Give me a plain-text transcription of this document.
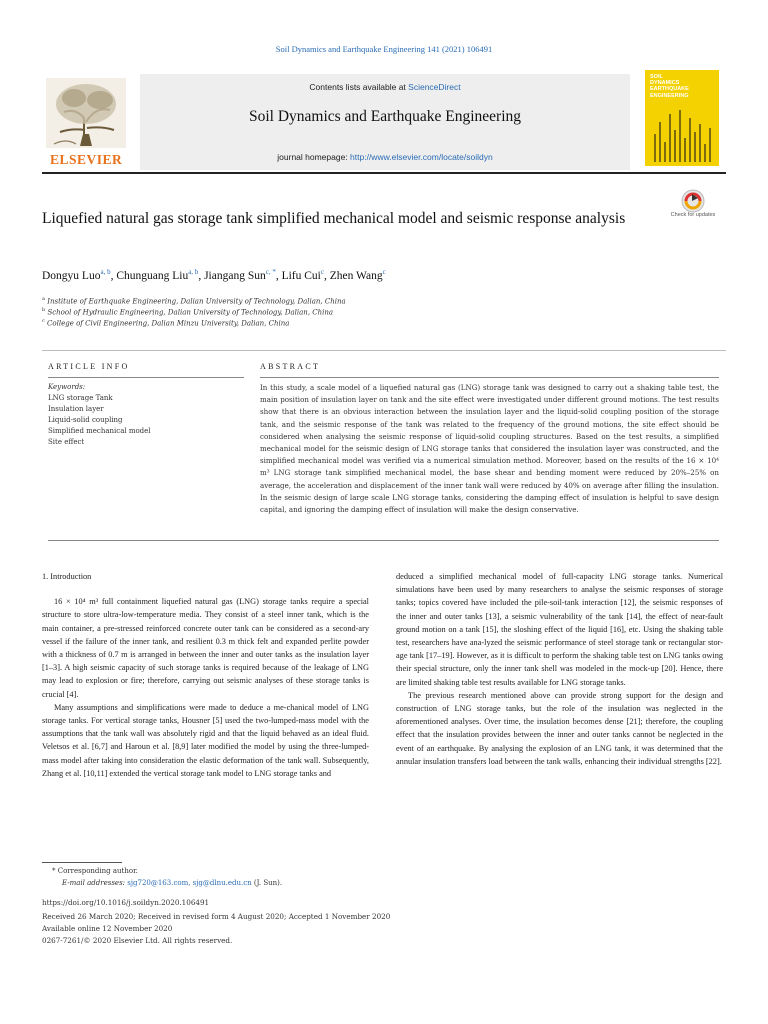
Soil Dynamics and Earthquake Engineering 141 (2021) 106491
ELSEVIER
Contents lists available at ScienceDirect
Soil Dynamics and Earthquake Engineering
journal homepage: http://www.elsevier.com/locate/soildyn
SOIL
DYNAMICS
EARTHQUAKE
ENGINEERING
Liquefied natural gas storage tank simplified mechanical model and seismic response analysis	Check for updates
Dongyu Luo$^{a, b}$, Chunguang Liu$^{a, b}$, Jiangang Sun$^{c, *}$, Lifu Cui$^c$, Zhen Wang$^c$
$^a$ Institute of Earthquake Engineering, Dalian University of Technology, Dalian, China
$^b$ School of Hydraulic Engineering, Dalian University of Technology, Dalian, China
$^c$ College of Civil Engineering, Dalian Minzu University, Dalian, China
ARTICLE INFO	ABSTRACT
Keywords:
LNG storage Tank
Insulation layer
Liquid-solid coupling
Simplified mechanical model
Site effect
In this study, a scale model of a liquefied natural gas (LNG) storage tank was designed to carry out a shaking table test, the main position of insulation layer on tank and the site effect were investigated under different ground motions. The test results show that there is an obvious interaction between the insulation layer and the liquid-solid coupling position of the storage tank, and the seismic response of the tank was related to the frequency of the ground motions, the site effect should be considered when analysing the seismic response of liquid-solid coupling structures. Based on the test results, a simplified mechanical model for the seismic design of LNG storage tanks that considered the insulation layer was constructed, and the simplified mechanical model was verified via a numerical simulation method. Moreover, based on the results of the 16 × 10⁴ m³ LNG storage tank simplified mechanical model, the base shear and bending moment were reduced by 20%–25% on average, the acceleration and displacement of the inner tank wall were reduced by 40% on average after filling the insulation. In the seismic design of large scale LNG storage tanks, considering the damping effect of insulation is helpful to save design capital, and ignoring the damping effect of insulation will make the design conservative.

1. Introduction

16 × 10⁴ m³ full containment liquefied natural gas (LNG) storage tanks require a special structure to store ultra-low-temperature media. They consist of a steel inner tank, which is the main container, a pre-stressed reinforced concrete outer tank can be considered as a second-ary vessel if the failure of the inner tank, and resilient 0.3 m thick felt and expanded perlite powder with a thickness of 0.7 m is arranged in between the inner and outer tanks as the insulation layer [1–3]. A high seismic capacity of such storage tanks is required because of the leakage of LNG may lead to explosion or fire; therefore, carrying out seismic analyses of these storage tanks is crucial [4].

Many assumptions and simplifications were made to deduce a me-chanical model of LNG storage tanks. For vertical storage tanks, Housner [5] used the two-lumped-mass model with the assumptions that the tank wall was absolutely rigid and that the liquid behaved as an ideal fluid. Veletsos et al. [6,7] and Haroun et al. [8,9] later modified the model by using the three-lumped-mass model after taking into consideration the elastic deformation of the tank wall. Subsequently, Zhang et al. [10,11] extended the vertical storage tank model to LNG storage tanks and

deduced a simplified mechanical model of full-capacity LNG storage tanks. Numerical simulations have been used by many researchers to analyse the seismic responses of storage tanks; topics covered have included the pile-soil-tank interaction [12], the seismic responses of the inner and outer tanks [13], a seismic vulnerability of the tank [14], the effect of near-fault ground motion on a tank [15], the sloshing effect of the liquid [16], etc. Using the shaking table test, researchers have ana-lyzed the seismic performance of steel storage tank or rectangular stor-age tank [17–19]. However, as it is difficult to perform the shaking table test on LNG tanks owing their special structure, only the inner tank shell was modeled in the mock-up [20]. Hence, there are limited shaking table test results available for LNG storage tanks.

The previous research mentioned above can provide strong support for the design and construction of LNG storage tanks, but the role of the insulation was neglected in the aforementioned analyses. Over time, the insulation becomes dense [21]; therefore, the coupling effect that the insulation provides between the inner and outer tanks cannot be neglected in the event of an earthquake. By analysing the explosion of an LNG tank, it was determined that the annular insulation transfers load between the tank walls, enhancing their individual strengths [22].

* Corresponding author.
E-mail addresses: sjg720@163.com, sjg@dlnu.edu.cn (J. Sun).
https://doi.org/10.1016/j.soildyn.2020.106491
Received 26 March 2020; Received in revised form 4 August 2020; Accepted 1 November 2020
Available online 12 November 2020
0267-7261/© 2020 Elsevier Ltd. All rights reserved.
